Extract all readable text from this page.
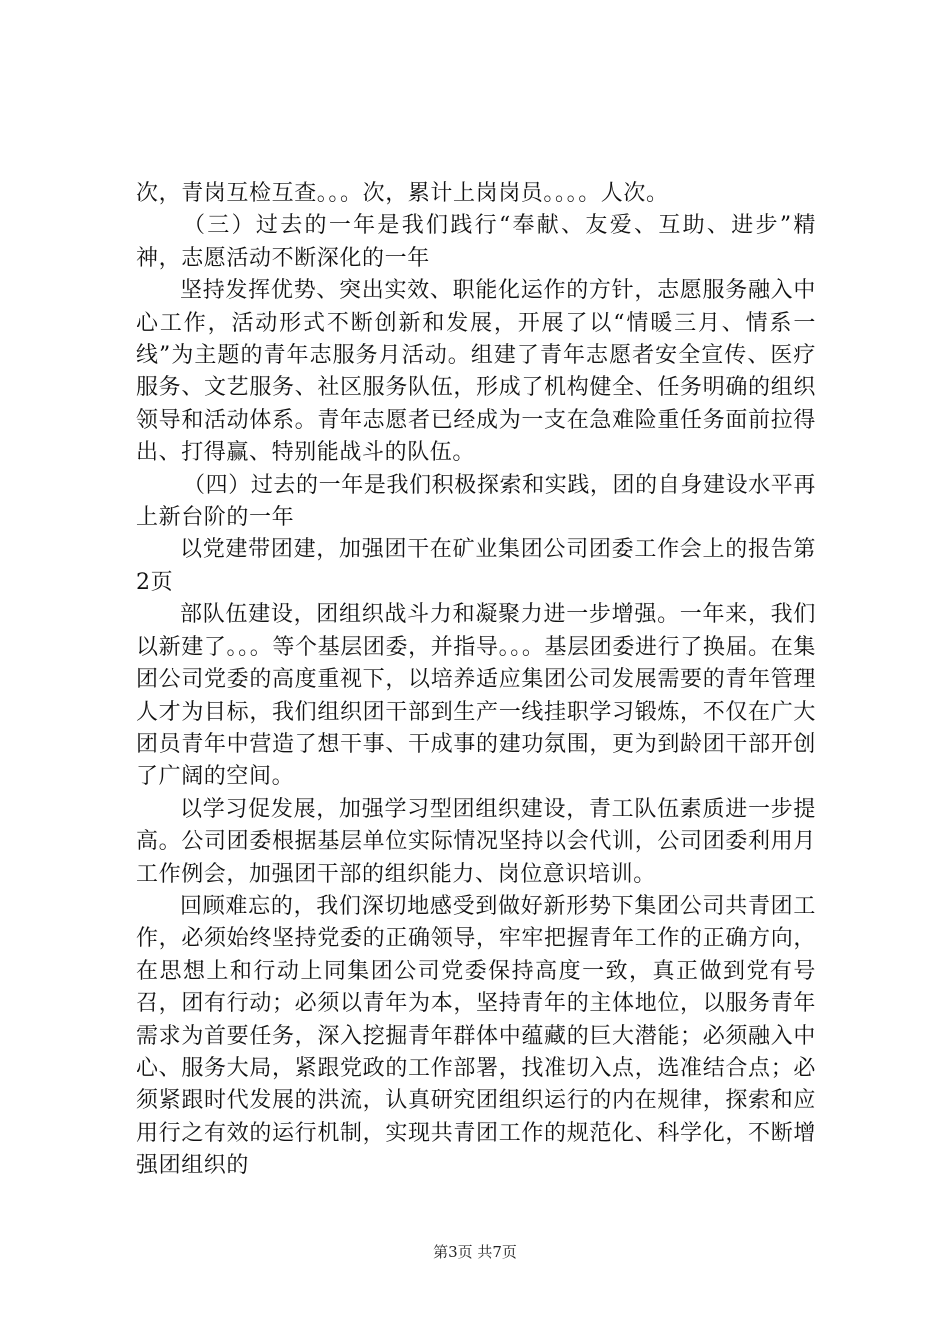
次，青岗互检互查。。。次，累计上岗岗员。。。。人次。

（三）过去的一年是我们践行“奉献、友爱、互助、进步”精神，志愿活动不断深化的一年

坚持发挥优势、突出实效、职能化运作的方针，志愿服务融入中心工作，活动形式不断创新和发展，开展了以“情暖三月、情系一线”为主题的青年志服务月活动。组建了青年志愿者安全宣传、医疗服务、文艺服务、社区服务队伍，形成了机构健全、任务明确的组织领导和活动体系。青年志愿者已经成为一支在急难险重任务面前拉得出、打得赢、特别能战斗的队伍。

（四）过去的一年是我们积极探索和实践，团的自身建设水平再上新台阶的一年

以党建带团建，加强团干在矿业集团公司团委工作会上的报告第2页

部队伍建设，团组织战斗力和凝聚力进一步增强。一年来，我们以新建了。。。等个基层团委，并指导。。。基层团委进行了换届。在集团公司党委的高度重视下，以培养适应集团公司发展需要的青年管理人才为目标，我们组织团干部到生产一线挂职学习锻炼，不仅在广大团员青年中营造了想干事、干成事的建功氛围，更为到龄团干部开创了广阔的空间。

以学习促发展，加强学习型团组织建设，青工队伍素质进一步提高。公司团委根据基层单位实际情况坚持以会代训，公司团委利用月工作例会，加强团干部的组织能力、岗位意识培训。

回顾难忘的，我们深切地感受到做好新形势下集团公司共青团工作，必须始终坚持党委的正确领导，牢牢把握青年工作的正确方向，在思想上和行动上同集团公司党委保持高度一致，真正做到党有号召，团有行动；必须以青年为本，坚持青年的主体地位，以服务青年需求为首要任务，深入挖掘青年群体中蕴藏的巨大潜能；必须融入中心、服务大局，紧跟党政的工作部署，找准切入点，选准结合点；必须紧跟时代发展的洪流，认真研究团组织运行的内在规律，探索和应用行之有效的运行机制，实现共青团工作的规范化、科学化，不断增强团组织的

第3页 共7页
